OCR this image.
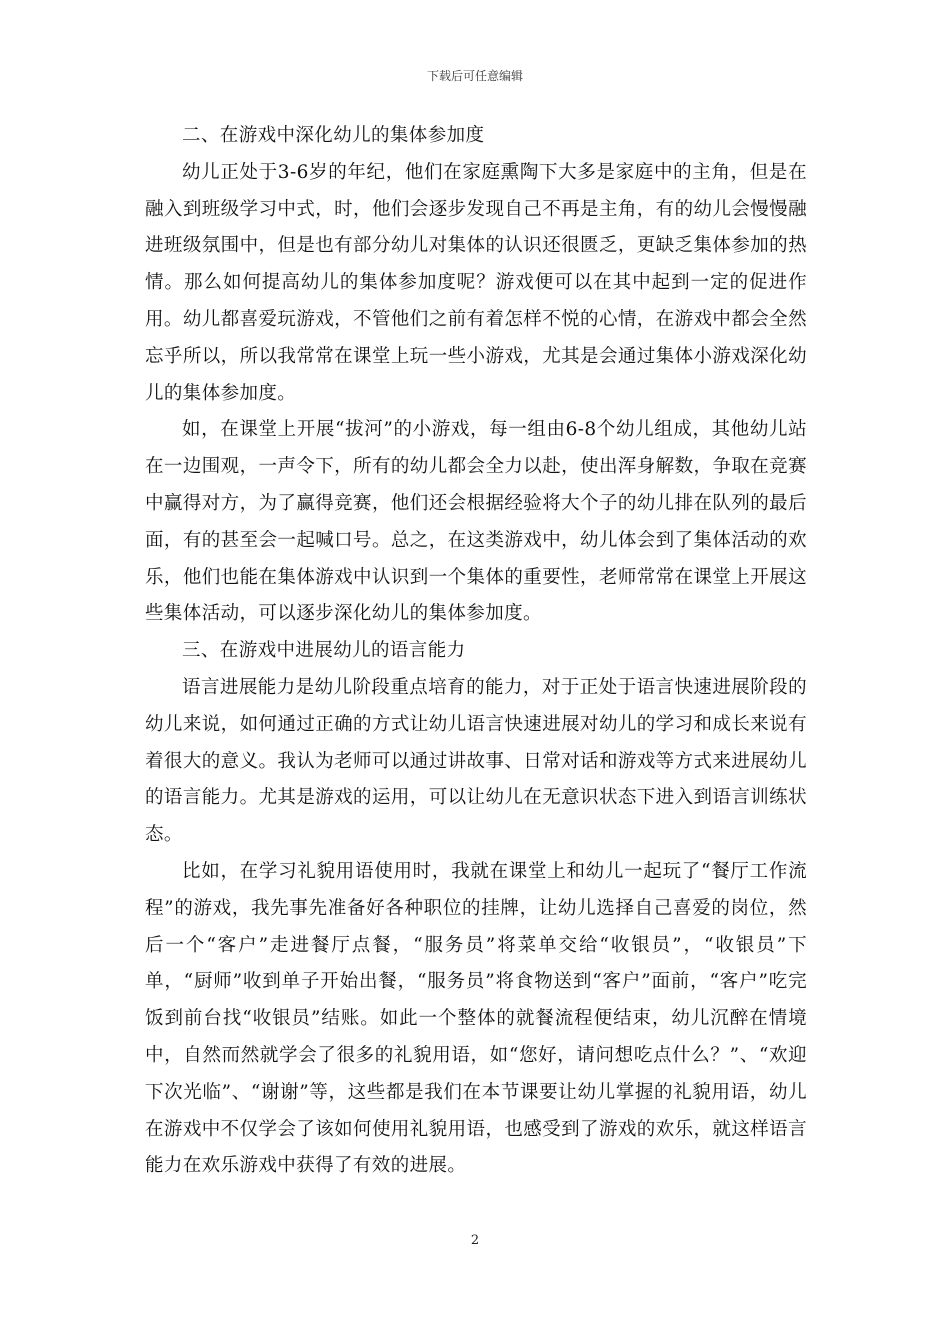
下载后可任意编辑

二、在游戏中深化幼儿的集体参加度

幼儿正处于3-6岁的年纪，他们在家庭熏陶下大多是家庭中的主角，但是在融入到班级学习中式，时，他们会逐步发现自己不再是主角，有的幼儿会慢慢融进班级氛围中，但是也有部分幼儿对集体的认识还很匮乏，更缺乏集体参加的热情。那么如何提高幼儿的集体参加度呢？游戏便可以在其中起到一定的促进作用。幼儿都喜爱玩游戏，不管他们之前有着怎样不悦的心情，在游戏中都会全然忘乎所以，所以我常常在课堂上玩一些小游戏，尤其是会通过集体小游戏深化幼儿的集体参加度。

如，在课堂上开展“拔河”的小游戏，每一组由6-8个幼儿组成，其他幼儿站在一边围观，一声令下，所有的幼儿都会全力以赴，使出浑身解数，争取在竞赛中赢得对方，为了赢得竞赛，他们还会根据经验将大个子的幼儿排在队列的最后面，有的甚至会一起喊口号。总之，在这类游戏中，幼儿体会到了集体活动的欢乐，他们也能在集体游戏中认识到一个集体的重要性，老师常常在课堂上开展这些集体活动，可以逐步深化幼儿的集体参加度。

三、在游戏中进展幼儿的语言能力

语言进展能力是幼儿阶段重点培育的能力，对于正处于语言快速进展阶段的幼儿来说，如何通过正确的方式让幼儿语言快速进展对幼儿的学习和成长来说有着很大的意义。我认为老师可以通过讲故事、日常对话和游戏等方式来进展幼儿的语言能力。尤其是游戏的运用，可以让幼儿在无意识状态下进入到语言训练状态。

比如，在学习礼貌用语使用时，我就在课堂上和幼儿一起玩了“餐厅工作流程”的游戏，我先事先准备好各种职位的挂牌，让幼儿选择自己喜爱的岗位，然后一个“客户”走进餐厅点餐，“服务员”将菜单交给“收银员”，“收银员”下单，“厨师”收到单子开始出餐，“服务员”将食物送到“客户”面前，“客户”吃完饭到前台找“收银员”结账。如此一个整体的就餐流程便结束，幼儿沉醉在情境中，自然而然就学会了很多的礼貌用语，如“您好，请问想吃点什么？”、“欢迎下次光临”、“谢谢”等，这些都是我们在本节课要让幼儿掌握的礼貌用语，幼儿在游戏中不仅学会了该如何使用礼貌用语，也感受到了游戏的欢乐，就这样语言能力在欢乐游戏中获得了有效的进展。

2
